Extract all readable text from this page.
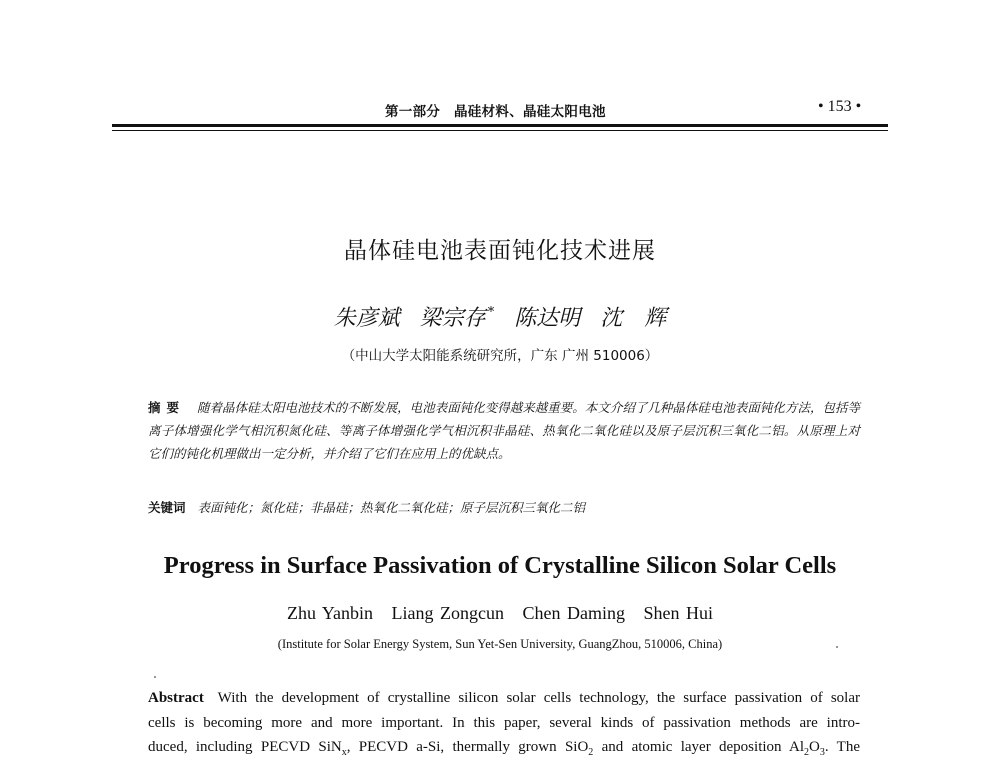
第一部分　晶硅材料、晶硅太阳电池	• 153 •
晶体硅电池表面钝化技术进展
朱彦斌 梁宗存 * 陈达明 沈　辉
（中山大学太阳能系统研究所，广东 广州 510006）
摘要 随着晶体硅太阳电池技术的不断发展，电池表面钝化变得越来越重要。本文介绍了几种晶体硅电池表面钝化方法，包括等离子体增强化学气相沉积氮化硅、等离子体增强化学气相沉积非晶硅、热氧化二氧化硅以及原子层沉积三氧化二铝。从原理上对它们的钝化机理做出一定分析，并介绍了它们在应用上的优缺点。
关键词 表面钝化；氮化硅；非晶硅；热氧化二氧化硅；原子层沉积三氧化二铝
Progress in Surface Passivation of Crystalline Silicon Solar Cells
Zhu Yanbin Liang Zongcun Chen Daming Shen Hui
(Institute for Solar Energy System, Sun Yet-Sen University, GuangZhou, 510006, China)
Abstract With the development of crystalline silicon solar cells technology, the surface passivation of solar
cells is becoming more and more important. In this paper, several kinds of passivation methods are intro-
duced, including PECVD SiN$_x$, PECVD a-Si, thermally grown SiO$_2$ and atomic layer deposition $Al_2O_3$. The
